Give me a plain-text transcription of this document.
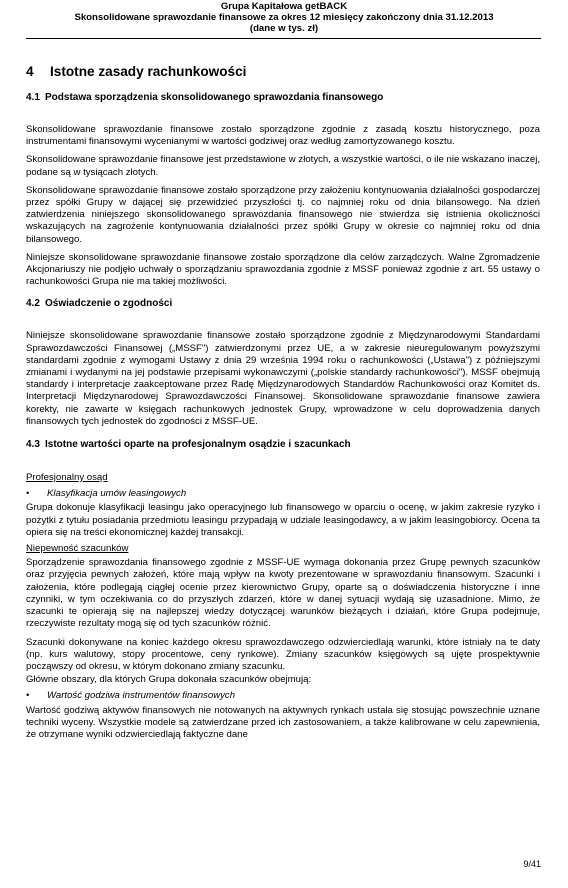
Grupa Kapitałowa getBACK
Skonsolidowane sprawozdanie finansowe za okres 12 miesięcy zakończony dnia 31.12.2013
(dane w tys. zł)
4 Istotne zasady rachunkowości
4.1 Podstawa sporządzenia skonsolidowanego sprawozdania finansowego

Skonsolidowane sprawozdanie finansowe zostało sporządzone zgodnie z zasadą kosztu historycznego, poza instrumentami finansowymi wycenianymi w wartości godziwej oraz według zamortyzowanego kosztu.

Skonsolidowane sprawozdanie finansowe jest przedstawione w złotych, a wszystkie wartości, o ile nie wskazano inaczej, podane są w tysiącach złotych.

Skonsolidowane sprawozdanie finansowe zostało sporządzone przy założeniu kontynuowania działalności gospodarczej przez spółki Grupy w dającej się przewidzieć przyszłości tj. co najmniej roku od dnia bilansowego. Na dzień zatwierdzenia niniejszego skonsolidowanego sprawozdania finansowego nie stwierdza się istnienia okoliczności wskazujących na zagrożenie kontynuowania działalności przez spółki Grupy w okresie co najmniej roku od dnia bilansowego.

Niniejsze skonsolidowane sprawozdanie finansowe zostało sporządzone dla celów zarządczych. Walne Zgromadzenie Akcjonariuszy nie podjęło uchwały o sporządzaniu sprawozdania zgodnie z MSSF ponieważ zgodnie z art. 55 ustawy o rachunkowości Grupa nie ma takiej możliwości.

4.2 Oświadczenie o zgodności

Niniejsze skonsolidowane sprawozdanie finansowe zostało sporządzone zgodnie z Międzynarodowymi Standardami Sprawozdawczości Finansowej („MSSF") zatwierdzonymi przez UE, a w zakresie nieuregulowanym powyższymi standardami zgodnie z wymogami Ustawy z dnia 29 września 1994 roku o rachunkowości („Ustawa") z późniejszymi zmianami i wydanymi na jej podstawie przepisami wykonawczymi („polskie standardy rachunkowości"). MSSF obejmują standardy i interpretacje zaakceptowane przez Radę Międzynarodowych Standardów Rachunkowości oraz Komitet ds. Interpretacji Międzynarodowej Sprawozdawczości Finansowej. Skonsolidowane sprawozdanie finansowe zawiera korekty, nie zawarte w księgach rachunkowych jednostek Grupy, wprowadzone w celu doprowadzenia danych finansowych tych jednostek do zgodności z MSSF-UE.

4.3 Istotne wartości oparte na profesjonalnym osądzie i szacunkach
Profesjonalny osąd
•	Klasyfikacja umów leasingowych

Grupa dokonuje klasyfikacji leasingu jako operacyjnego lub finansowego w oparciu o ocenę, w jakim zakresie ryzyko i pożytki z tytułu posiadania przedmiotu leasingu przypadają w udziale leasingodawcy, a w jakim leasingobiorcy. Ocena ta opiera się na treści ekonomicznej każdej transakcji.

Niepewność szacunków

Sporządzenie sprawozdania finansowego zgodnie z MSSF-UE wymaga dokonania przez Grupę pewnych szacunków oraz przyjęcia pewnych założeń, które mają wpływ na kwoty prezentowane w sprawozdaniu finansowym. Szacunki i założenia, które podlegają ciągłej ocenie przez kierownictwo Grupy, oparte są o doświadczenia historyczne i inne czynniki, w tym oczekiwania co do przyszłych zdarzeń, które w danej sytuacji wydają się uzasadnione. Mimo, że szacunki te opierają się na najlepszej wiedzy dotyczącej warunków bieżących i działań, które Grupa podejmuje, rzeczywiste rezultaty mogą się od tych szacunków różnić.

Szacunki dokonywane na koniec każdego okresu sprawozdawczego odzwierciedlają warunki, które istniały na te daty (np. kurs walutowy, stopy procentowe, ceny rynkowe). Zmiany szacunków księgowych są ujęte prospektywnie począwszy od okresu, w którym dokonano zmiany szacunku.

Główne obszary, dla których Grupa dokonała szacunków obejmują:

•	Wartość godziwa instrumentów finansowych

Wartość godziwą aktywów finansowych nie notowanych na aktywnych rynkach ustala się stosując powszechnie uznane techniki wyceny. Wszystkie modele są zatwierdzane przed ich zastosowaniem, a także kalibrowane w celu zapewnienia, że otrzymane wyniki odzwierciedlają faktyczne dane

9/41
